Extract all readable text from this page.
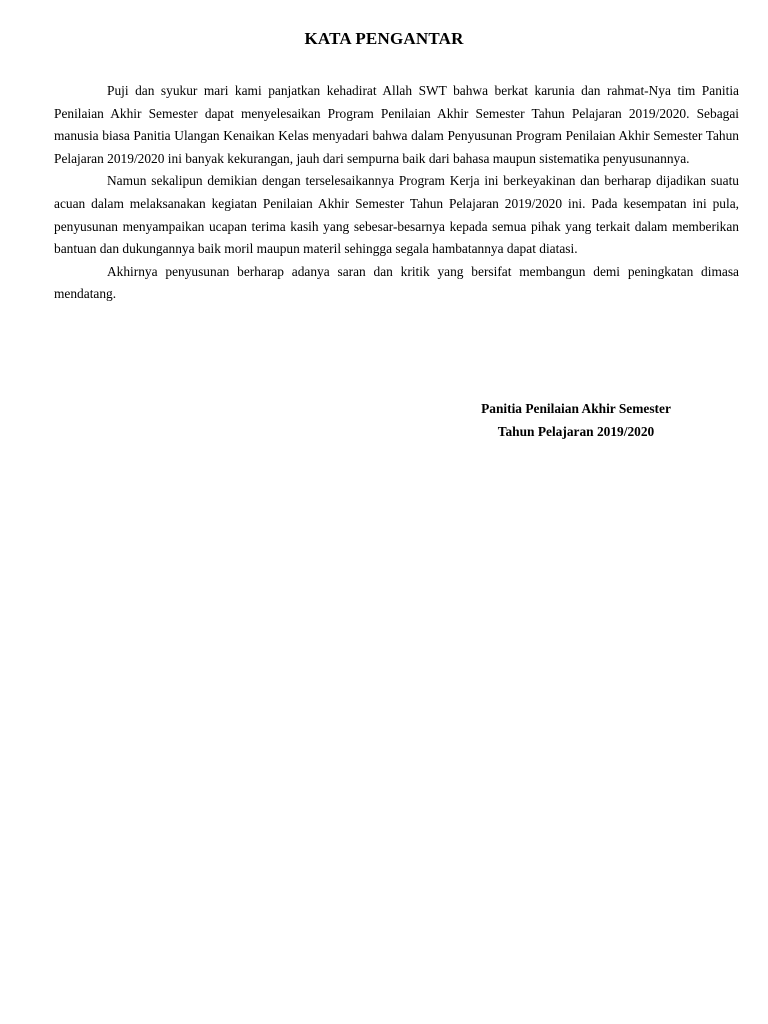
KATA PENGANTAR

Puji dan syukur mari kami panjatkan kehadirat Allah SWT bahwa berkat karunia dan rahmat-Nya tim Panitia Penilaian Akhir Semester dapat menyelesaikan Program Penilaian Akhir Semester Tahun Pelajaran 2019/2020. Sebagai manusia biasa Panitia Ulangan Kenaikan Kelas menyadari bahwa dalam Penyusunan Program Penilaian Akhir Semester Tahun Pelajaran 2019/2020 ini banyak kekurangan, jauh dari sempurna baik dari bahasa maupun sistematika penyusunannya.

Namun sekalipun demikian dengan terselesaikannya Program Kerja ini berkeyakinan dan berharap dijadikan suatu acuan dalam melaksanakan kegiatan Penilaian Akhir Semester Tahun Pelajaran 2019/2020 ini. Pada kesempatan ini pula, penyusunan menyampaikan ucapan terima kasih yang sebesar-besarnya kepada semua pihak yang terkait dalam memberikan bantuan dan dukungannya baik moril maupun materil sehingga segala hambatannya dapat diatasi.

Akhirnya penyusunan berharap adanya saran dan kritik yang bersifat membangun demi peningkatan dimasa mendatang.

Panitia Penilaian Akhir Semester
Tahun Pelajaran 2019/2020
